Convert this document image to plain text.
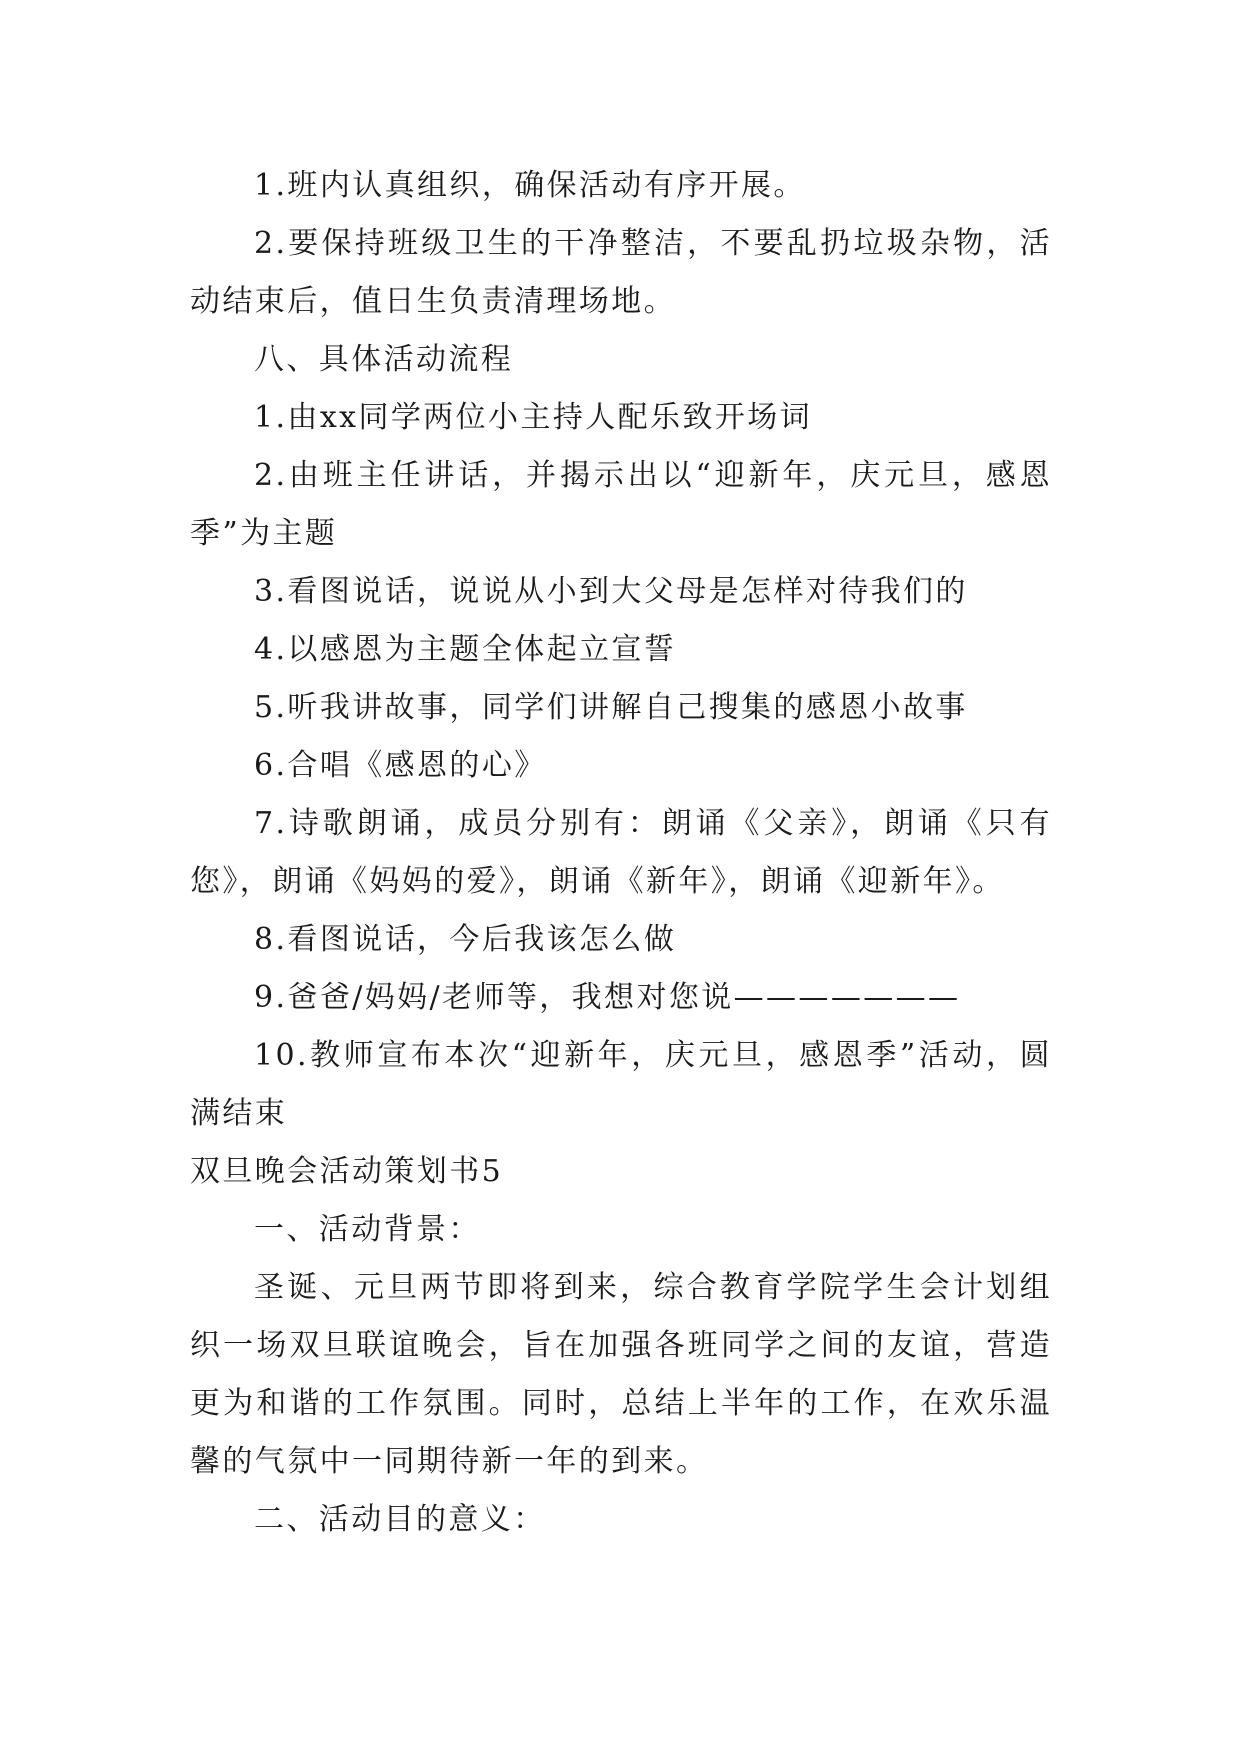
1.班内认真组织，确保活动有序开展。

2.要保持班级卫生的干净整洁，不要乱扔垃圾杂物，活动结束后，值日生负责清理场地。

八、具体活动流程

1.由xx同学两位小主持人配乐致开场词

2.由班主任讲话，并揭示出以“迎新年，庆元旦，感恩季”为主题

3.看图说话，说说从小到大父母是怎样对待我们的

4.以感恩为主题全体起立宣誓

5.听我讲故事，同学们讲解自己搜集的感恩小故事

6.合唱《感恩的心》

7.诗歌朗诵，成员分别有：朗诵《父亲》，朗诵《只有您》，朗诵《妈妈的爱》，朗诵《新年》，朗诵《迎新年》。

8.看图说话，今后我该怎么做

9.爸爸/妈妈/老师等，我想对您说———————

10.教师宣布本次“迎新年，庆元旦，感恩季”活动，圆满结束

双旦晚会活动策划书5

一、活动背景：

圣诞、元旦两节即将到来，综合教育学院学生会计划组织一场双旦联谊晚会，旨在加强各班同学之间的友谊，营造更为和谐的工作氛围。同时，总结上半年的工作，在欢乐温馨的气氛中一同期待新一年的到来。

二、活动目的意义：
